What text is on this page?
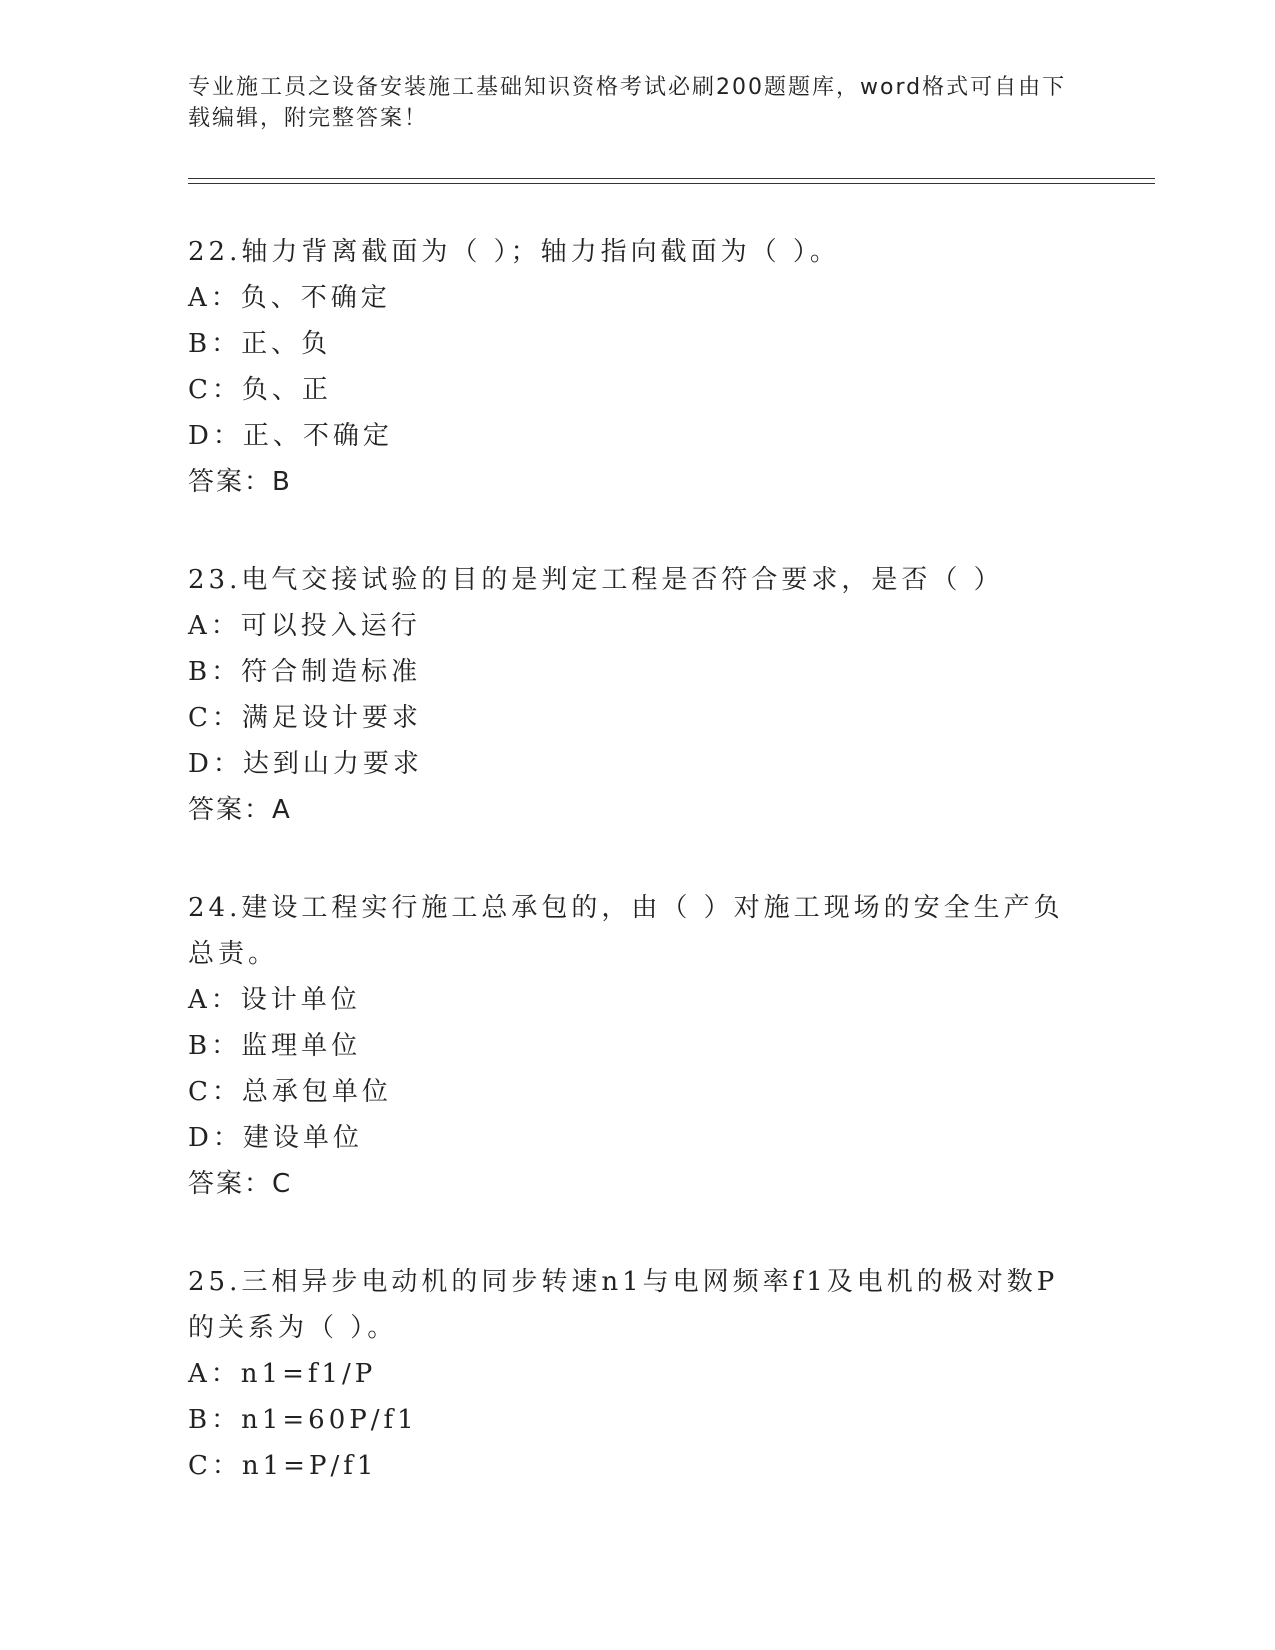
专业施工员之设备安装施工基础知识资格考试必刷200题题库，word格式可自由下载编辑，附完整答案！
22.轴力背离截面为（ ）；轴力指向截面为（ ）。
A：负、不确定
B：正、负
C：负、正
D：正、不确定
答案：B
23.电气交接试验的目的是判定工程是否符合要求，是否（ ）
A：可以投入运行
B：符合制造标准
C：满足设计要求
D：达到山力要求
答案：A
24.建设工程实行施工总承包的，由（ ）对施工现场的安全生产负总责。
A：设计单位
B：监理单位
C：总承包单位
D：建设单位
答案：C
25.三相异步电动机的同步转速n1与电网频率f1及电机的极对数P的关系为（ ）。
A：n1=f1/P
B：n1=60P/f1
C：n1=P/f1
